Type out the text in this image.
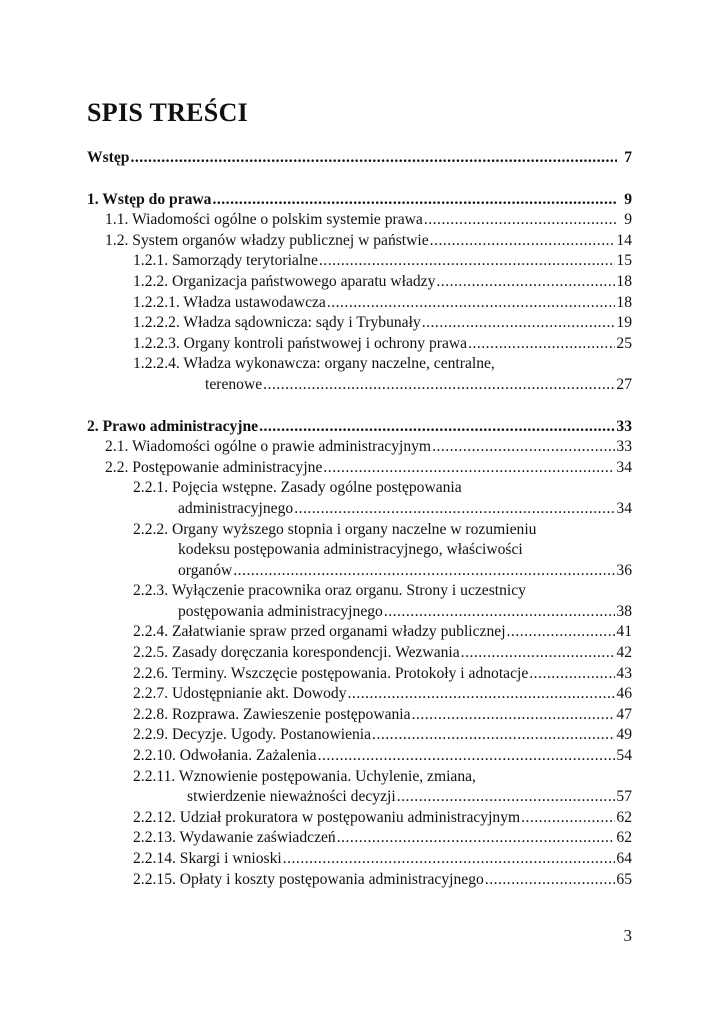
SPIS TREŚCI
Wstęp .....	7
1. Wstęp do prawa .....	9
1.1. Wiadomości ogólne o polskim systemie prawa .....	9
1.2. System organów władzy publicznej w państwie .....	14
1.2.1. Samorządy terytorialne .....	15
1.2.2. Organizacja państwowego aparatu władzy .....	18
1.2.2.1. Władza ustawodawcza .....	18
1.2.2.2. Władza sądownicza: sądy i Trybunały .....	19
1.2.2.3. Organy kontroli państwowej i ochrony prawa .....	25
1.2.2.4. Władza wykonawcza: organy naczelne, centralne,
terenowe .....	27
2. Prawo administracyjne .....	33
2.1. Wiadomości ogólne o prawie administracyjnym .....	33
2.2. Postępowanie administracyjne .....	34
2.2.1. Pojęcia wstępne. Zasady ogólne postępowania
administracyjnego .....	34
2.2.2. Organy wyższego stopnia i organy naczelne w rozumieniu
kodeksu postępowania administracyjnego, właściwości
organów .....	36
2.2.3. Wyłączenie pracownika oraz organu. Strony i uczestnicy
postępowania administracyjnego .....	38
2.2.4. Załatwianie spraw przed organami władzy publicznej .....	41
2.2.5. Zasady doręczania korespondencji. Wezwania .....	42
2.2.6. Terminy. Wszczęcie postępowania. Protokoły i adnotacje .....	43
2.2.7. Udostępnianie akt. Dowody .....	46
2.2.8. Rozprawa. Zawieszenie postępowania .....	47
2.2.9. Decyzje. Ugody. Postanowienia .....	49
2.2.10. Odwołania. Zażalenia .....	54
2.2.11. Wznowienie postępowania. Uchylenie, zmiana,
stwierdzenie nieważności decyzji .....	57
2.2.12. Udział prokuratora w postępowaniu administracyjnym .....	62
2.2.13. Wydawanie zaświadczeń .....	62
2.2.14. Skargi i wnioski .....	64
2.2.15. Opłaty i koszty postępowania administracyjnego .....	65
3
